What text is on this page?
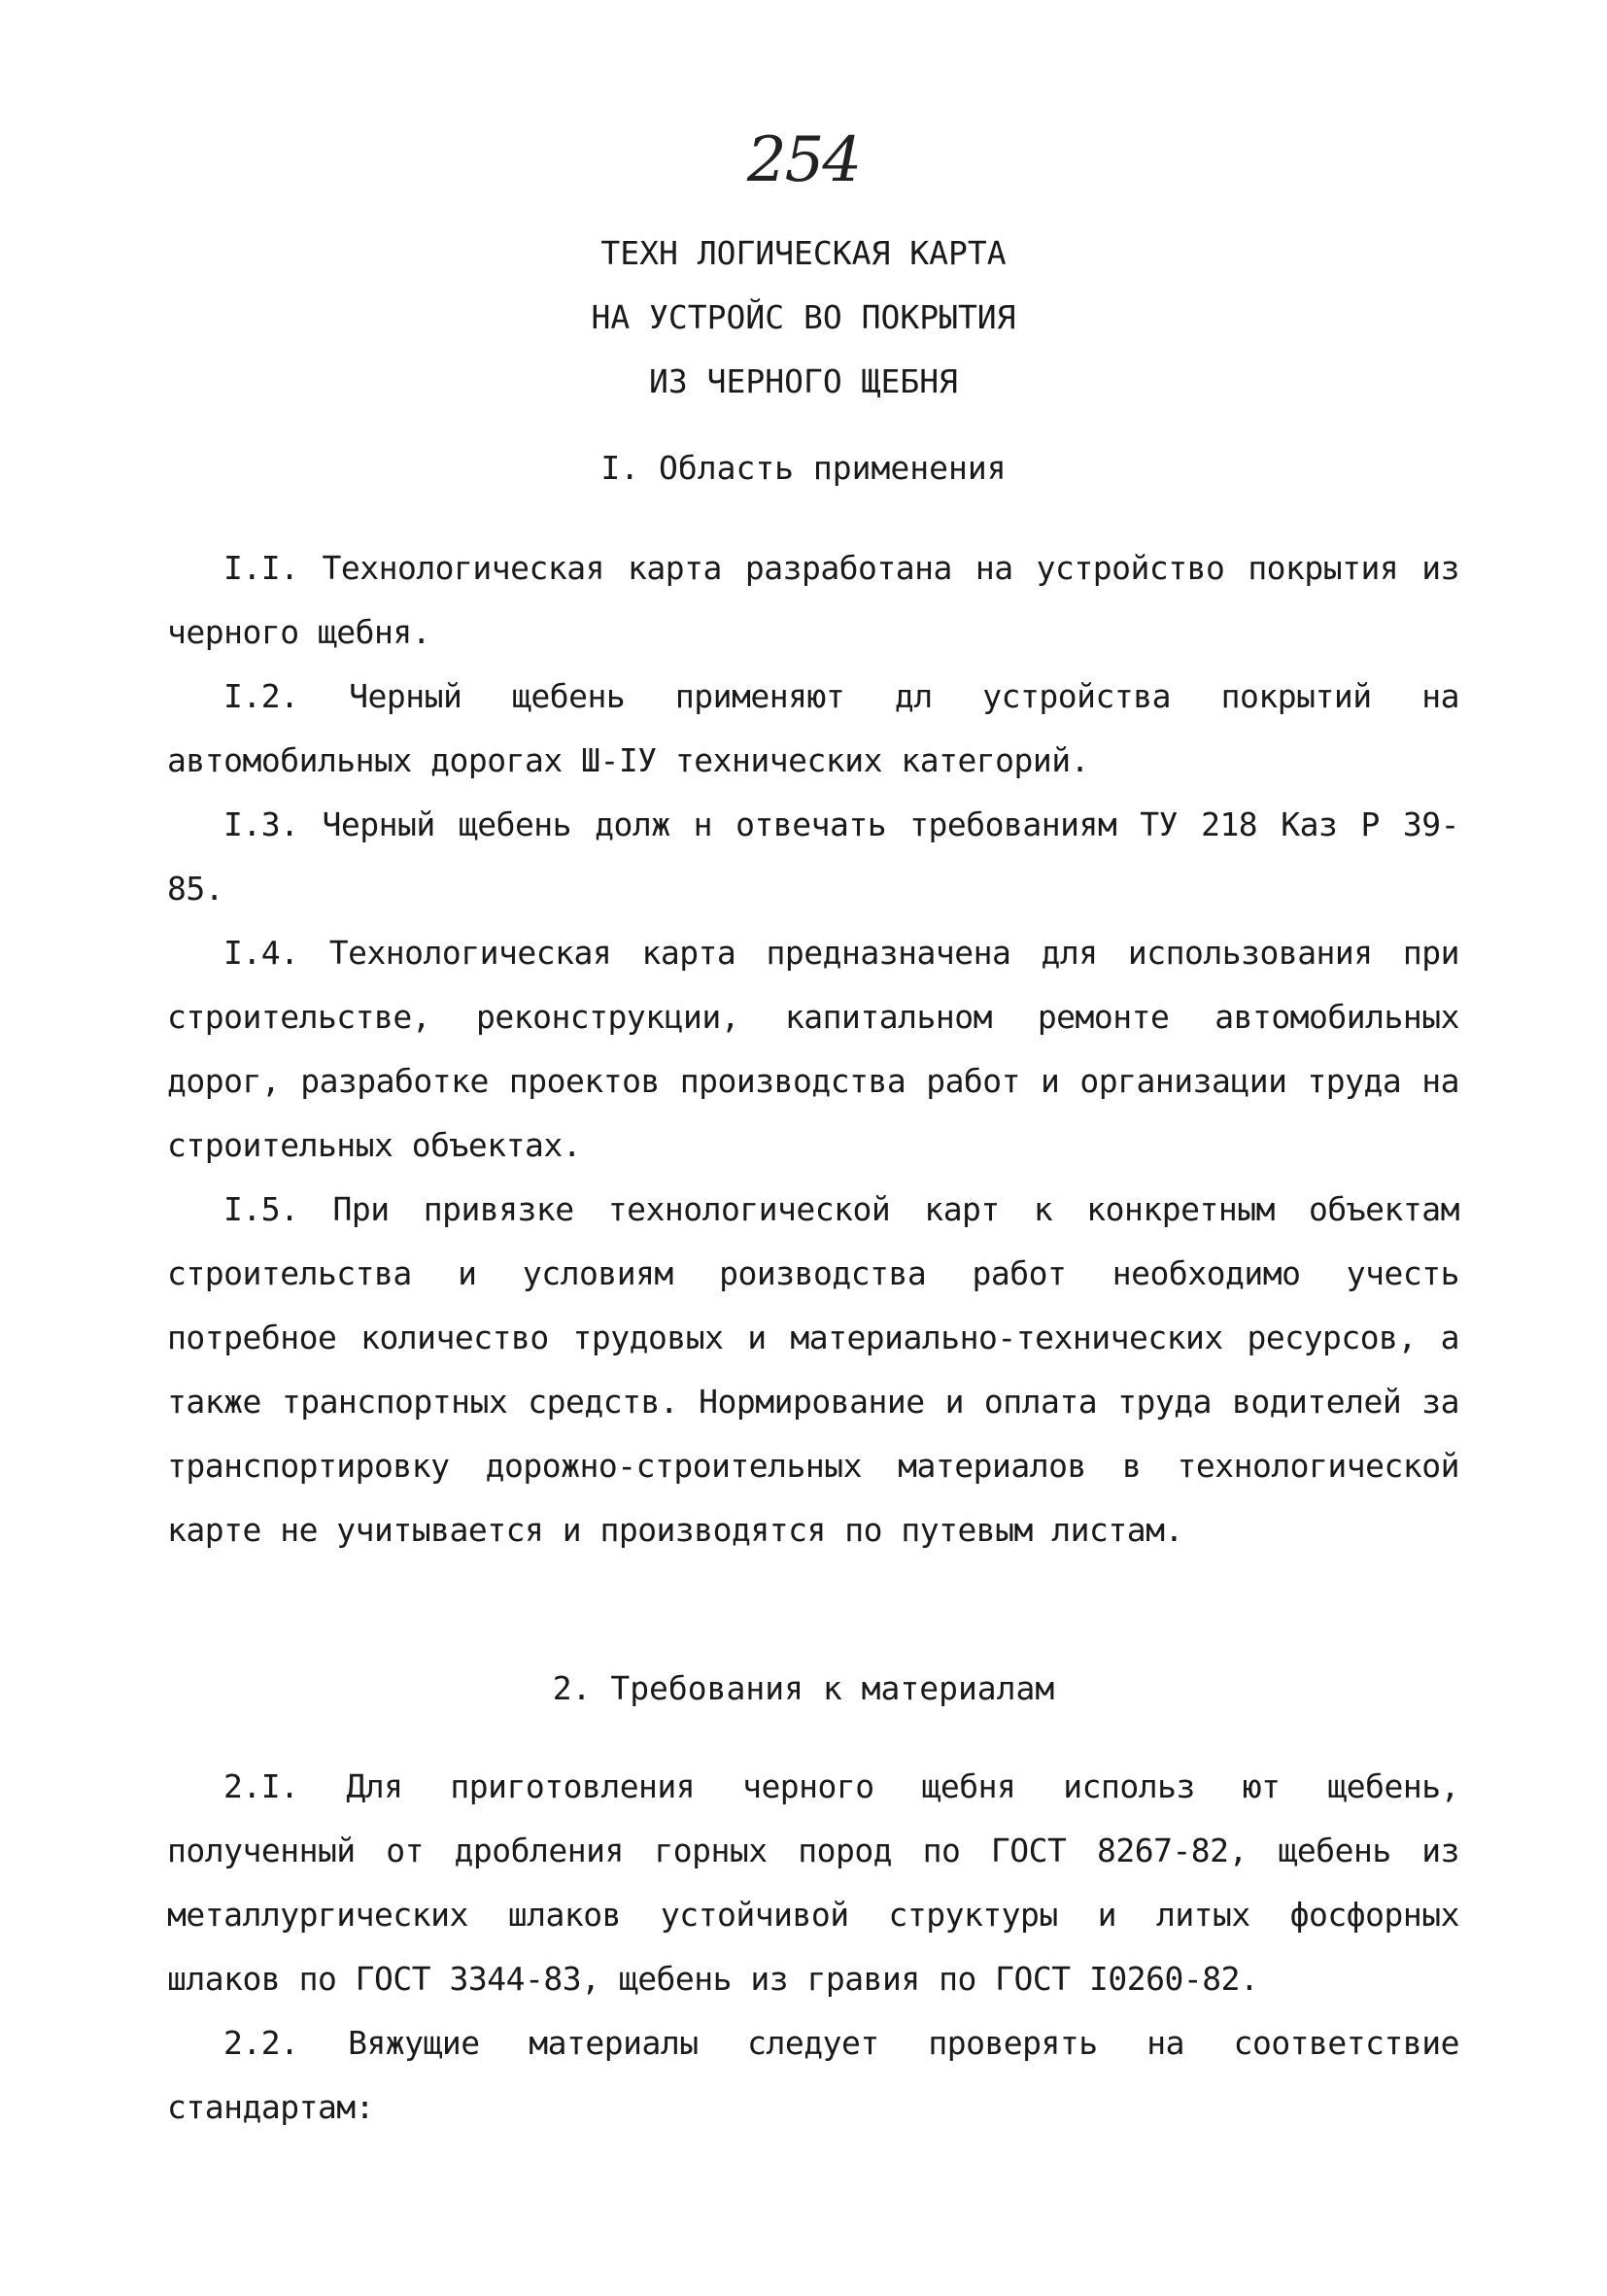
254
ТЕХН ЛОГИЧЕСКАЯ КАРТА
НА УСТРОЙС ВО ПОКРЫТИЯ
ИЗ ЧЕРНОГО ЩЕБНЯ
I. Область применения

I.I. Технологическая карта разработана на устройство покрытия из черного щебня.

I.2. Черный щебень применяют дл устройства покрытий на автомобильных дорогах Ш-IУ технических категорий.

I.3. Черный щебень долж н отвечать требованиям ТУ 218 Каз Р 39-85.

I.4. Технологическая карта предназначена для использования при строительстве, реконструкции, капитальном ремонте автомобильных дорог, разработке проектов производства работ и организации труда на строительных объектах.

I.5. При привязке технологической карт к конкретным объектам строительства и условиям роизводства работ необходимо учесть потребное количество трудовых и материально-технических ресурсов, а также транспортных средств. Нормирование и оплата труда водителей за транспортировку дорожно-строительных материалов в технологической карте не учитывается и производятся по путевым листам.

2. Требования к материалам

2.I. Для приготовления черного щебня использ ют щебень, полученный от дробления горных пород по ГОСТ 8267-82, щебень из металлургических шлаков устойчивой структуры и литых фосфорных шлаков по ГОСТ 3344-83, щебень из гравия по ГОСТ I0260-82.

2.2. Вяжущие материалы следует проверять на соответствие стандартам:
